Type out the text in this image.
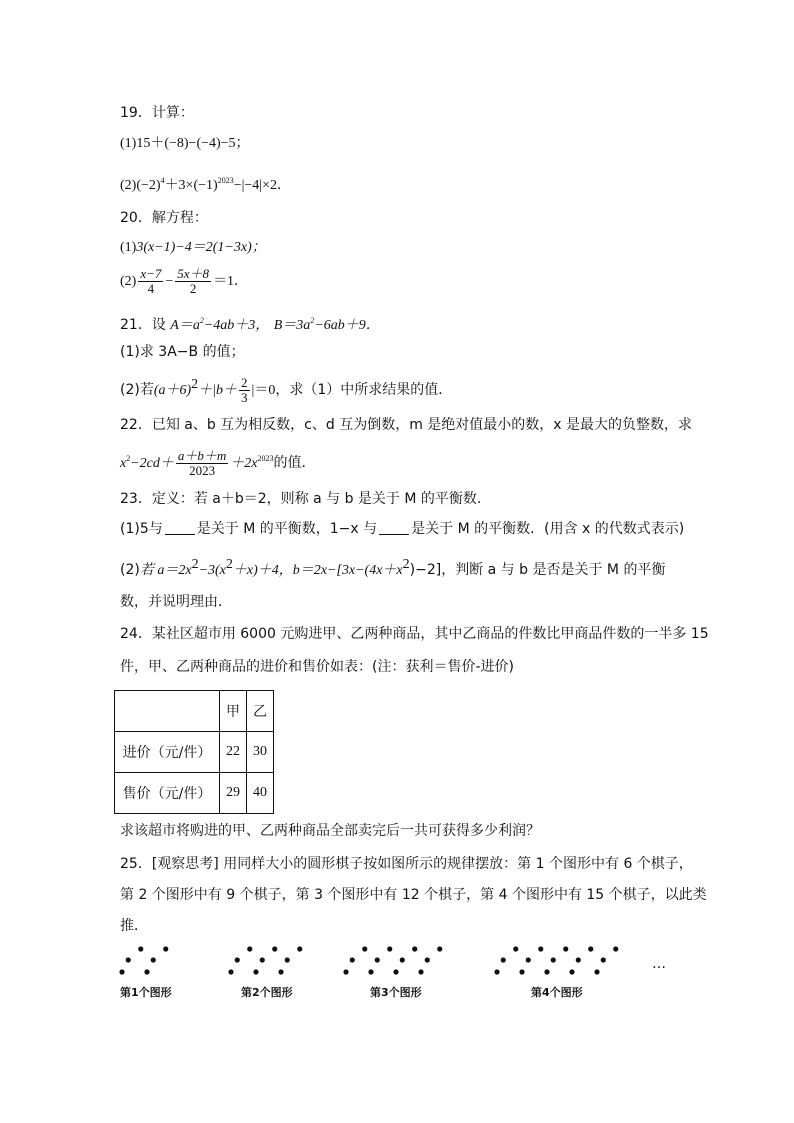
19．计算：
(1)15＋(−8)−(−4)−5；
$(2)(-2)^4+3\times(-1)^{2023}-|-4|\times 2$．
20．解方程：
(1)3(x−1)−4＝2(1−3x)；
$(2) \frac{x-7}{4} - \frac{5x+8}{2} =1$．
21．设 $A=a^2-4ab+3$， $B=3a^2-6ab+9$．
(1)求 3A−B 的值；
(2)若$(a+6)^2+|b+ \frac{2}{3} |=0$，求（1）中所求结果的值．
22．已知 a、b 互为相反数，c、d 互为倒数，m 是绝对值最小的数，x 是最大的负整数，求
$x^2-2cd+ \frac{a+b+m}{2023} +2x^{2023}$的值．
23．定义：若 a＋b＝2，则称 a 与 b 是关于 M 的平衡数．
(1)5与 是关于 M 的平衡数，1−x 与 是关于 M 的平衡数．(用含 x 的代数式表示)
(2)若 $a=2x^2-3(x^2+x)+4$，$b=2x-[3x-(4x+x^2)-2]$，判断 a 与 b 是否是关于 M 的平衡
数，并说明理由．
24．某社区超市用 6000 元购进甲、乙两种商品，其中乙商品的件数比甲商品件数的一半多 15
件，甲、乙两种商品的进价和售价如表：(注：获利＝售价-进价)
	甲	乙
进价（元/件）	22	30
售价（元/件）	29	40
求该超市将购进的甲、乙两种商品全部卖完后一共可获得多少利润？
25．[观察思考] 用同样大小的圆形棋子按如图所示的规律摆放：第 1 个图形中有 6 个棋子，
第 2 个图形中有 9 个棋子，第 3 个图形中有 12 个棋子，第 4 个图形中有 15 个棋子，以此类
推．
第1个图形	第2个图形	第3个图形	第4个图形
…
